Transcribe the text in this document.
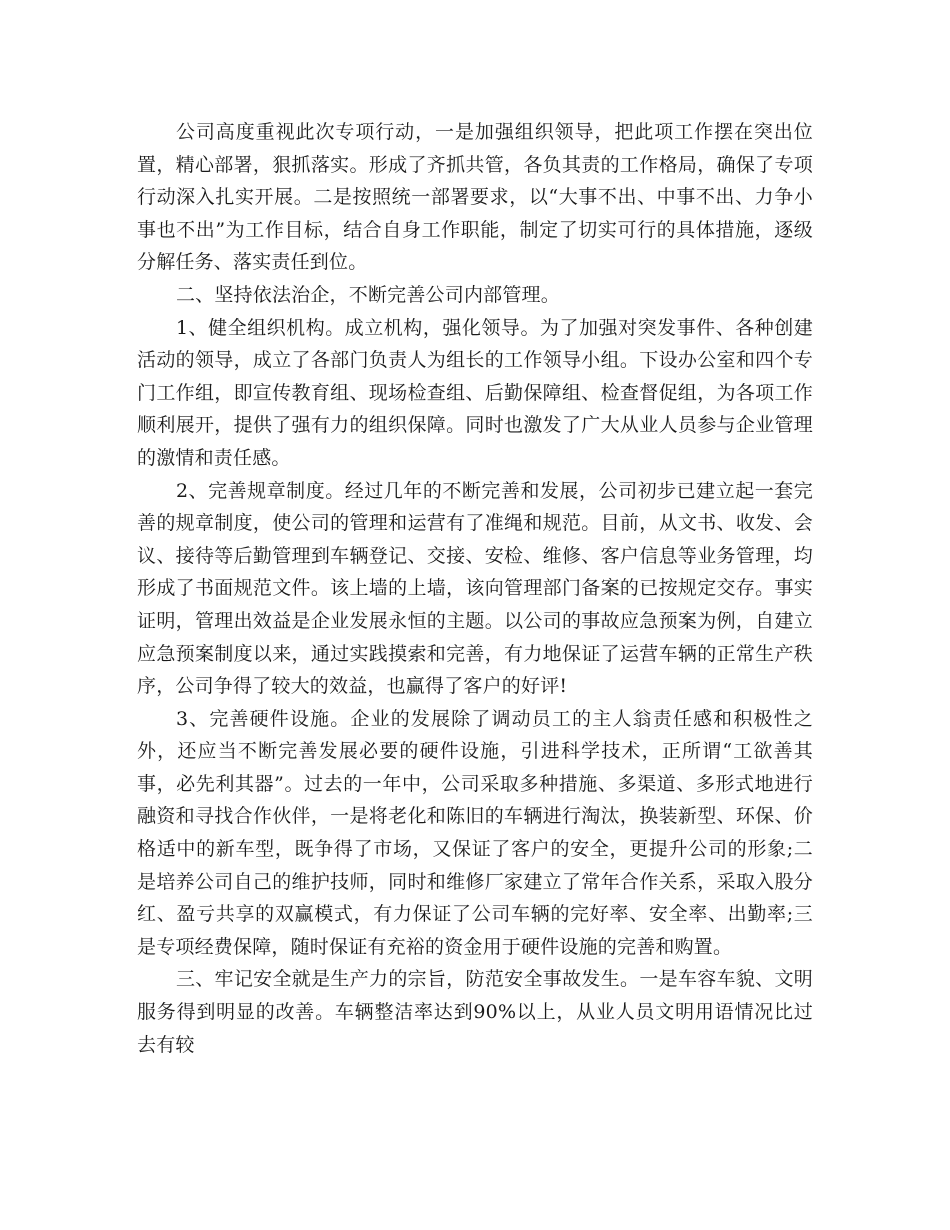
公司高度重视此次专项行动，一是加强组织领导，把此项工作摆在突出位置，精心部署，狠抓落实。形成了齐抓共管，各负其责的工作格局，确保了专项行动深入扎实开展。二是按照统一部署要求，以“大事不出、中事不出、力争小事也不出”为工作目标，结合自身工作职能，制定了切实可行的具体措施，逐级分解任务、落实责任到位。

二、坚持依法治企，不断完善公司内部管理。

1、健全组织机构。成立机构，强化领导。为了加强对突发事件、各种创建活动的领导，成立了各部门负责人为组长的工作领导小组。下设办公室和四个专门工作组，即宣传教育组、现场检查组、后勤保障组、检查督促组，为各项工作顺利展开，提供了强有力的组织保障。同时也激发了广大从业人员参与企业管理的激情和责任感。

2、完善规章制度。经过几年的不断完善和发展，公司初步已建立起一套完善的规章制度，使公司的管理和运营有了准绳和规范。目前，从文书、收发、会议、接待等后勤管理到车辆登记、交接、安检、维修、客户信息等业务管理，均形成了书面规范文件。该上墙的上墙，该向管理部门备案的已按规定交存。事实证明，管理出效益是企业发展永恒的主题。以公司的事故应急预案为例，自建立应急预案制度以来，通过实践摸索和完善，有力地保证了运营车辆的正常生产秩序，公司争得了较大的效益，也赢得了客户的好评!

3、完善硬件设施。企业的发展除了调动员工的主人翁责任感和积极性之外，还应当不断完善发展必要的硬件设施，引进科学技术，正所谓“工欲善其事，必先利其器”。过去的一年中，公司采取多种措施、多渠道、多形式地进行融资和寻找合作伙伴，一是将老化和陈旧的车辆进行淘汰，换装新型、环保、价格适中的新车型，既争得了市场，又保证了客户的安全，更提升公司的形象;二是培养公司自己的维护技师，同时和维修厂家建立了常年合作关系，采取入股分红、盈亏共享的双赢模式，有力保证了公司车辆的完好率、安全率、出勤率;三是专项经费保障，随时保证有充裕的资金用于硬件设施的完善和购置。

三、牢记安全就是生产力的宗旨，防范安全事故发生。一是车容车貌、文明服务得到明显的改善。车辆整洁率达到90%以上，从业人员文明用语情况比过去有较
